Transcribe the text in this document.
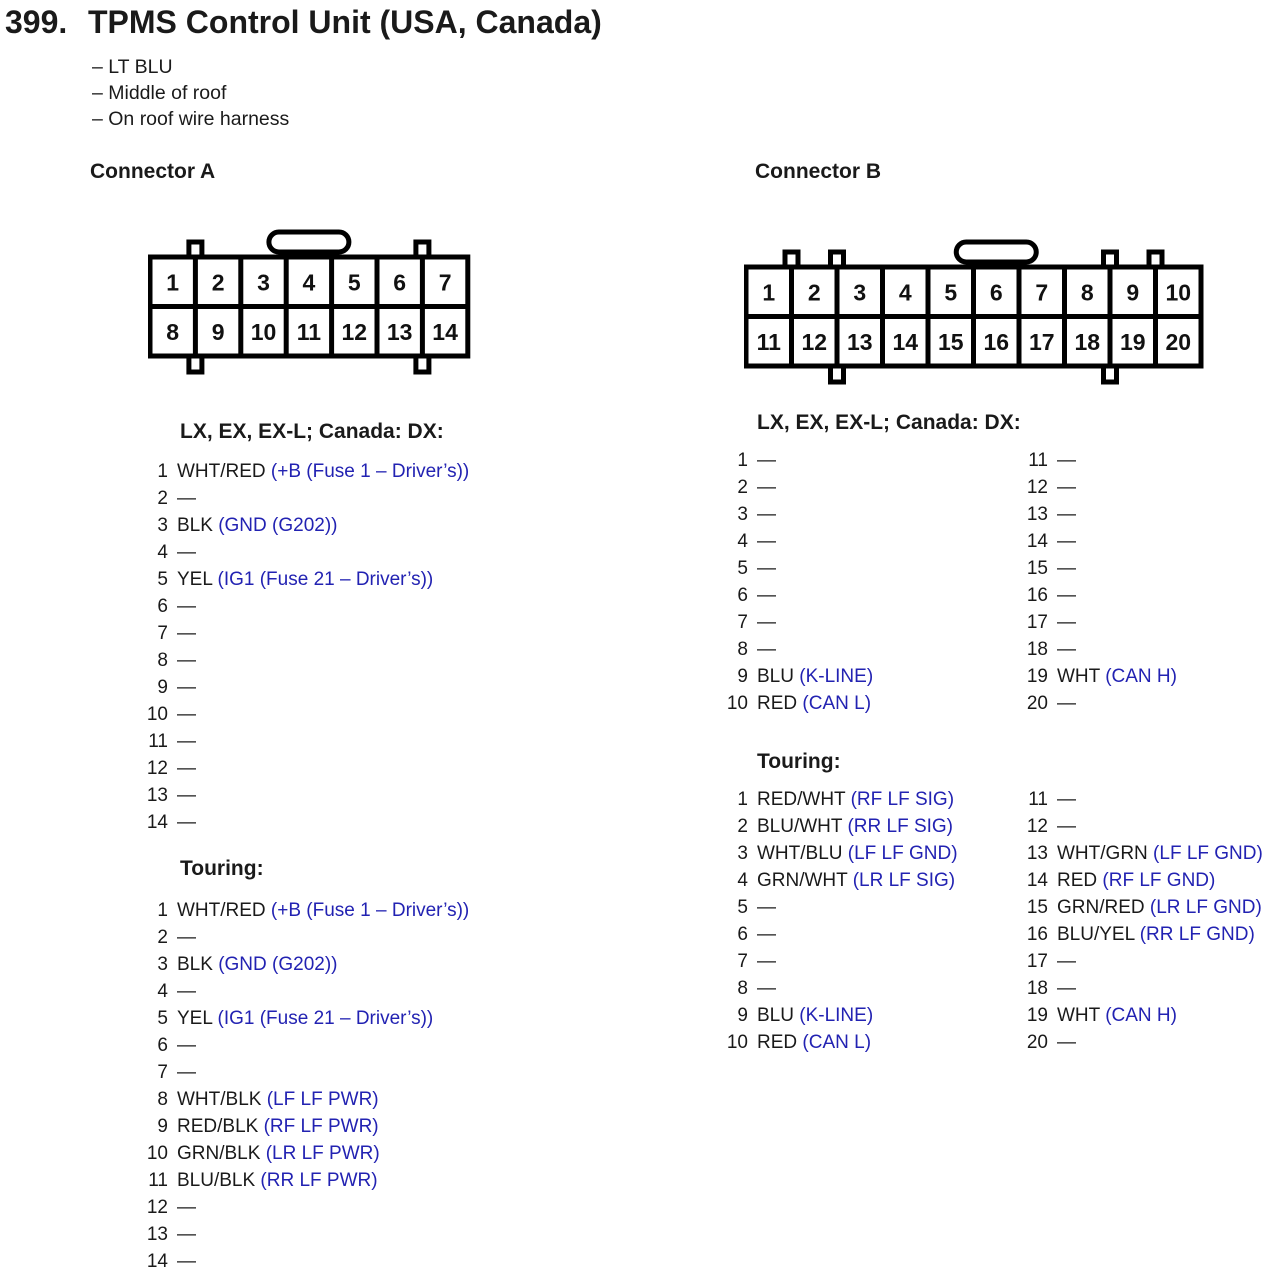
399. TPMS Control Unit (USA, Canada)
– LT BLU
– Middle of roof
– On roof wire harness
Connector A	Connector B
1 2 3 4 5 6 7
8 9 10 11 12 13 14
1 2 3 4 5 6 7 8 9 10
11 12 13 14 15 16 17 18 19 20
LX, EX, EX-L; Canada: DX:
1 WHT/RED (+B (Fuse 1 – Driver’s))
2 —
3 BLK (GND (G202))
4 —
5 YEL (IG1 (Fuse 21 – Driver’s))
6 —
7 —
8 —
9 —
10 —
11 —
12 —
13 —
14 —
Touring:
1 WHT/RED (+B (Fuse 1 – Driver’s))
2 —
3 BLK (GND (G202))
4 —
5 YEL (IG1 (Fuse 21 – Driver’s))
6 —
7 —
8 WHT/BLK (LF LF PWR)
9 RED/BLK (RF LF PWR)
10 GRN/BLK (LR LF PWR)
11 BLU/BLK (RR LF PWR)
12 —
13 —
14 —
LX, EX, EX-L; Canada: DX:
1 —
2 —
3 —
4 —
5 —
6 —
7 —
8 —
9 BLU (K-LINE)
10 RED (CAN L)
11 —
12 —
13 —
14 —
15 —
16 —
17 —
18 —
19 WHT (CAN H)
20 —
Touring:
1 RED/WHT (RF LF SIG)
2 BLU/WHT (RR LF SIG)
3 WHT/BLU (LF LF GND)
4 GRN/WHT (LR LF SIG)
5 —
6 —
7 —
8 —
9 BLU (K-LINE)
10 RED (CAN L)
11 —
12 —
13 WHT/GRN (LF LF GND)
14 RED (RF LF GND)
15 GRN/RED (LR LF GND)
16 BLU/YEL (RR LF GND)
17 —
18 —
19 WHT (CAN H)
20 —
